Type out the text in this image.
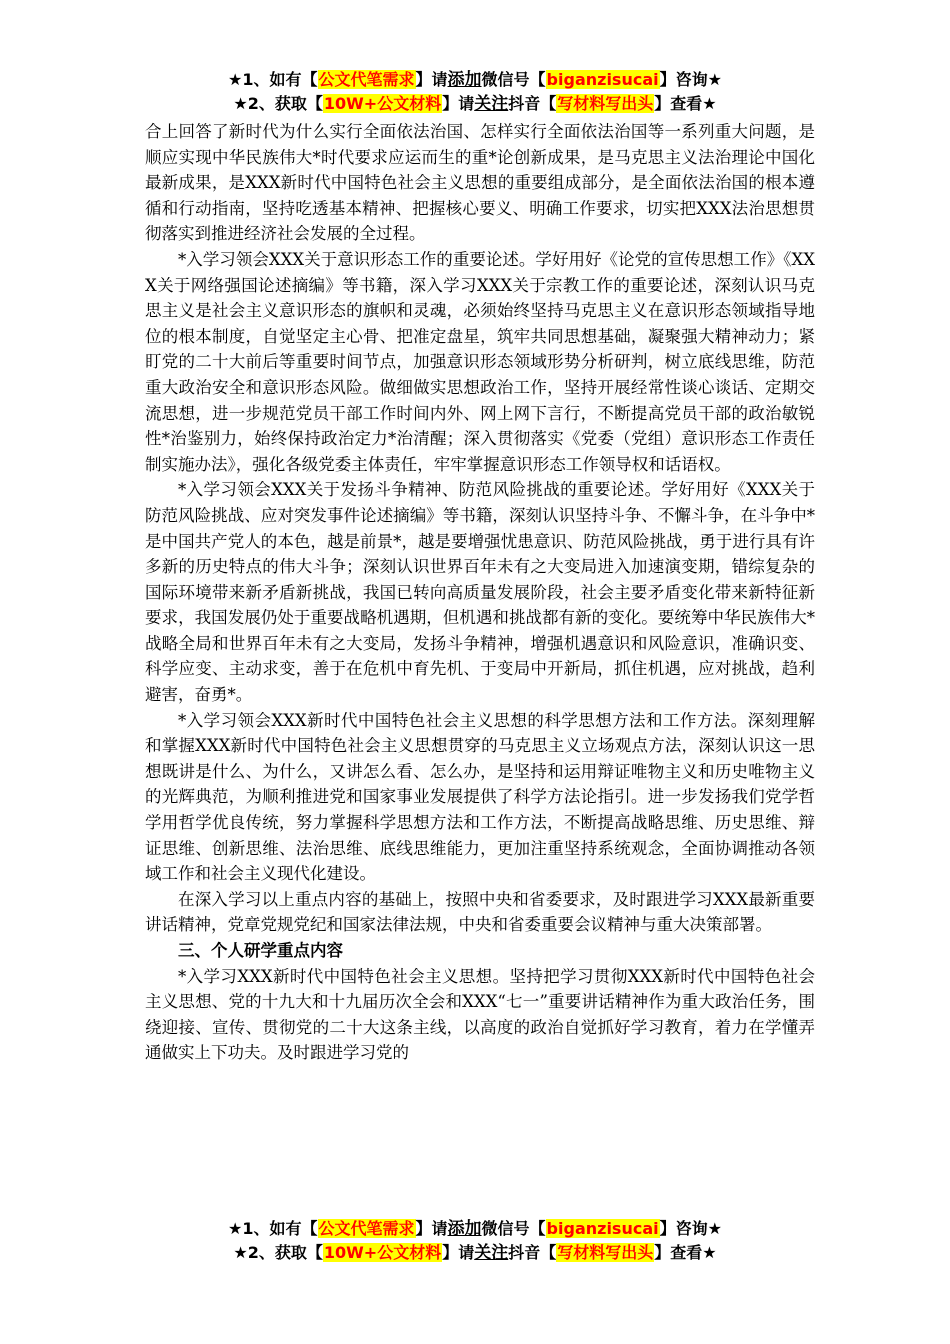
★1、如有【公文代笔需求】请添加微信号【biganzisucai】咨询★
★2、获取【10W+公文材料】请关注抖音【写材料写出头】查看★

合上回答了新时代为什么实行全面依法治国、怎样实行全面依法治国等一系列重大问题，是顺应实现中华民族伟大*时代要求应运而生的重*论创新成果，是马克思主义法治理论中国化最新成果，是XXX新时代中国特色社会主义思想的重要组成部分，是全面依法治国的根本遵循和行动指南，坚持吃透基本精神、把握核心要义、明确工作要求，切实把XXX法治思想贯彻落实到推进经济社会发展的全过程。

*入学习领会XXX关于意识形态工作的重要论述。学好用好《论党的宣传思想工作》《XXX关于网络强国论述摘编》等书籍，深入学习XXX关于宗教工作的重要论述，深刻认识马克思主义是社会主义意识形态的旗帜和灵魂，必须始终坚持马克思主义在意识形态领域指导地位的根本制度，自觉坚定主心骨、把准定盘星，筑牢共同思想基础，凝聚强大精神动力；紧盯党的二十大前后等重要时间节点，加强意识形态领域形势分析研判，树立底线思维，防范重大政治安全和意识形态风险。做细做实思想政治工作，坚持开展经常性谈心谈话、定期交流思想，进一步规范党员干部工作时间内外、网上网下言行，不断提高党员干部的政治敏锐性*治鉴别力，始终保持政治定力*治清醒；深入贯彻落实《党委（党组）意识形态工作责任制实施办法》，强化各级党委主体责任，牢牢掌握意识形态工作领导权和话语权。

*入学习领会XXX关于发扬斗争精神、防范风险挑战的重要论述。学好用好《XXX关于防范风险挑战、应对突发事件论述摘编》等书籍，深刻认识坚持斗争、不懈斗争，在斗争中*是中国共产党人的本色，越是前景*，越是要增强忧患意识、防范风险挑战，勇于进行具有许多新的历史特点的伟大斗争；深刻认识世界百年未有之大变局进入加速演变期，错综复杂的国际环境带来新矛盾新挑战，我国已转向高质量发展阶段，社会主要矛盾变化带来新特征新要求，我国发展仍处于重要战略机遇期，但机遇和挑战都有新的变化。要统筹中华民族伟大*战略全局和世界百年未有之大变局，发扬斗争精神，增强机遇意识和风险意识，准确识变、科学应变、主动求变，善于在危机中育先机、于变局中开新局，抓住机遇，应对挑战，趋利避害，奋勇*。

*入学习领会XXX新时代中国特色社会主义思想的科学思想方法和工作方法。深刻理解和掌握XXX新时代中国特色社会主义思想贯穿的马克思主义立场观点方法，深刻认识这一思想既讲是什么、为什么，又讲怎么看、怎么办，是坚持和运用辩证唯物主义和历史唯物主义的光辉典范，为顺利推进党和国家事业发展提供了科学方法论指引。进一步发扬我们党学哲学用哲学优良传统，努力掌握科学思想方法和工作方法，不断提高战略思维、历史思维、辩证思维、创新思维、法治思维、底线思维能力，更加注重坚持系统观念，全面协调推动各领域工作和社会主义现代化建设。

在深入学习以上重点内容的基础上，按照中央和省委要求，及时跟进学习XXX最新重要讲话精神，党章党规党纪和国家法律法规，中央和省委重要会议精神与重大决策部署。

三、个人研学重点内容

*入学习XXX新时代中国特色社会主义思想。坚持把学习贯彻XXX新时代中国特色社会主义思想、党的十九大和十九届历次全会和XXX“七一”重要讲话精神作为重大政治任务，围绕迎接、宣传、贯彻党的二十大这条主线，以高度的政治自觉抓好学习教育，着力在学懂弄通做实上下功夫。及时跟进学习党的

★1、如有【公文代笔需求】请添加微信号【biganzisucai】咨询★
★2、获取【10W+公文材料】请关注抖音【写材料写出头】查看★
